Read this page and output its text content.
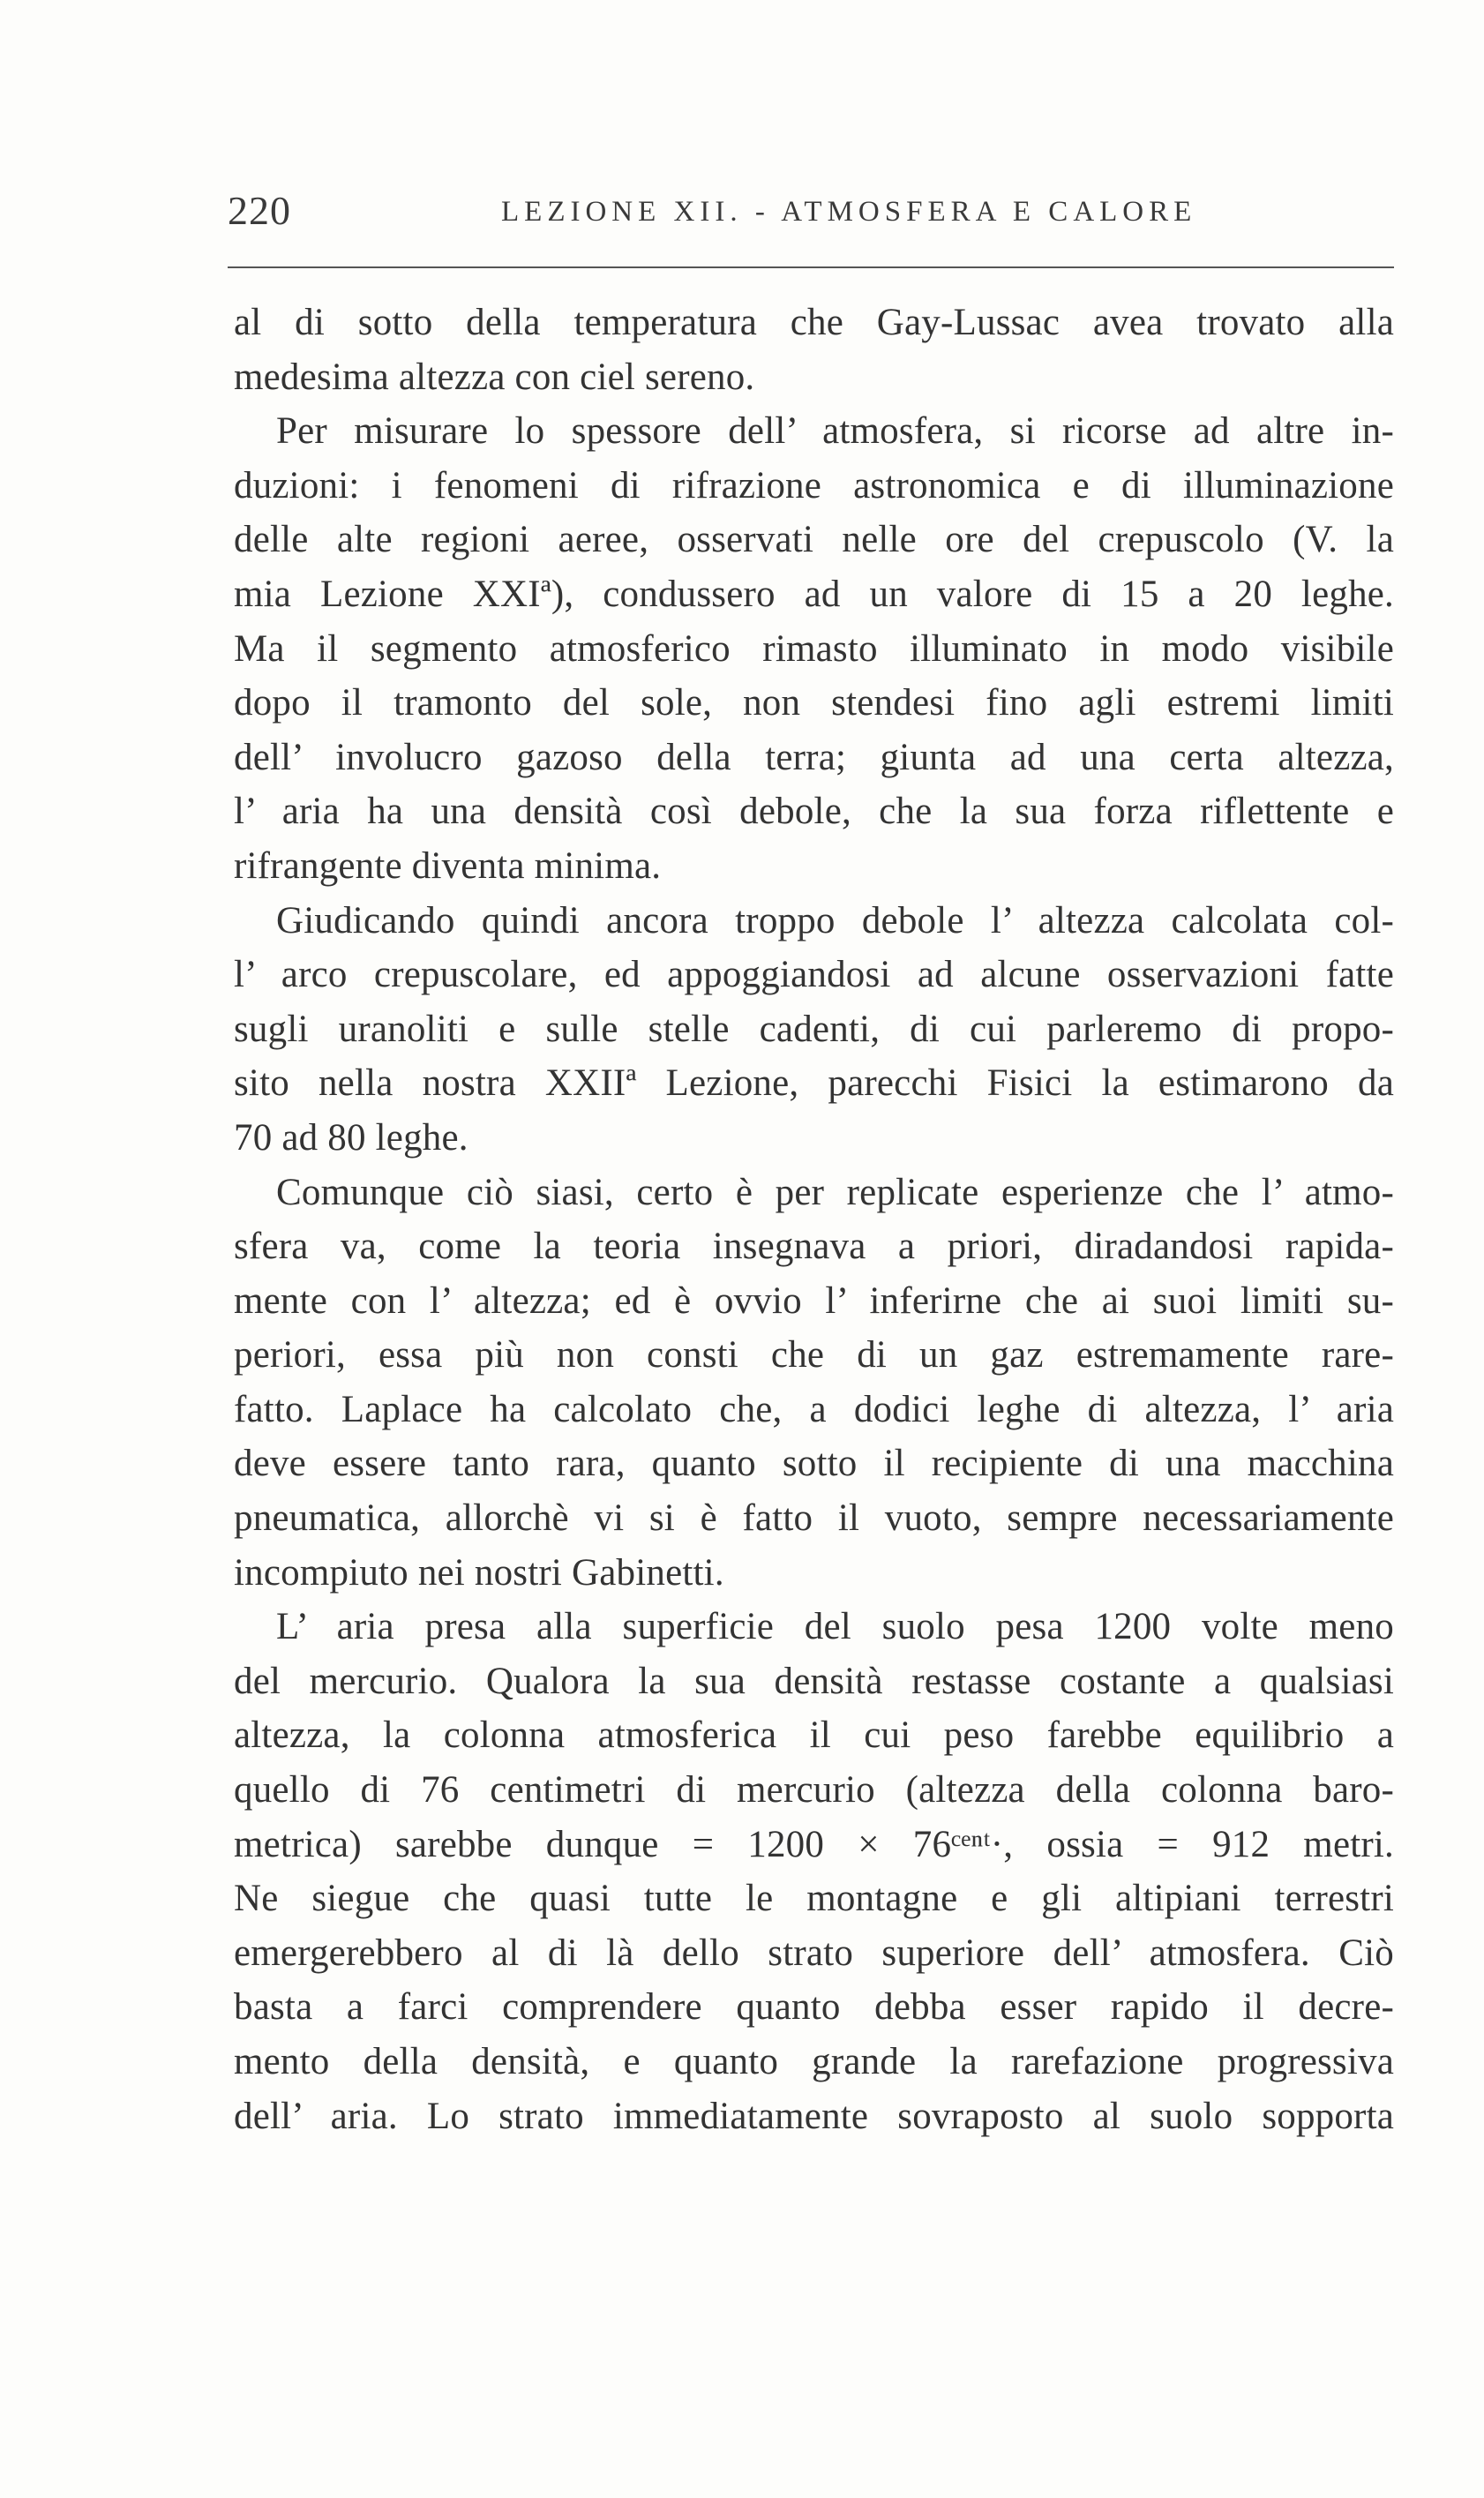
220	LEZIONE XII. - ATMOSFERA E CALORE
al di sotto della temperatura che Gay-Lussac avea trovato alla
medesima altezza con ciel sereno.
Per misurare lo spessore dell’ atmosfera, si ricorse ad altre in-
duzioni: i fenomeni di rifrazione astronomica e di illuminazione
delle alte regioni aeree, osservati nelle ore del crepuscolo (V. la
mia Lezione XXIª), condussero ad un valore di 15 a 20 leghe.
Ma il segmento atmosferico rimasto illuminato in modo visibile
dopo il tramonto del sole, non stendesi fino agli estremi limiti
dell’ involucro gazoso della terra; giunta ad una certa altezza,
l’ aria ha una densità così debole, che la sua forza riflettente e
rifrangente diventa minima.
Giudicando quindi ancora troppo debole l’ altezza calcolata col-
l’ arco crepuscolare, ed appoggiandosi ad alcune osservazioni fatte
sugli uranoliti e sulle stelle cadenti, di cui parleremo di propo-
sito nella nostra XXIIª Lezione, parecchi Fisici la estimarono da
70 ad 80 leghe.
Comunque ciò siasi, certo è per replicate esperienze che l’ atmo-
sfera va, come la teoria insegnava a priori, diradandosi rapida-
mente con l’ altezza; ed è ovvio l’ inferirne che ai suoi limiti su-
periori, essa più non consti che di un gaz estremamente rare-
fatto. Laplace ha calcolato che, a dodici leghe di altezza, l’ aria
deve essere tanto rara, quanto sotto il recipiente di una macchina
pneumatica, allorchè vi si è fatto il vuoto, sempre necessariamente
incompiuto nei nostri Gabinetti.
L’ aria presa alla superficie del suolo pesa 1200 volte meno
del mercurio. Qualora la sua densità restasse costante a qualsiasi
altezza, la colonna atmosferica il cui peso farebbe equilibrio a
quello di 76 centimetri di mercurio (altezza della colonna baro-
metrica) sarebbe dunque = 1200 × 76ᶜᵉⁿᵗ·, ossia = 912 metri.
Ne siegue che quasi tutte le montagne e gli altipiani terrestri
emergerebbero al di là dello strato superiore dell’ atmosfera. Ciò
basta a farci comprendere quanto debba esser rapido il decre-
mento della densità, e quanto grande la rarefazione progressiva
dell’ aria. Lo strato immediatamente sovraposto al suolo sopporta
